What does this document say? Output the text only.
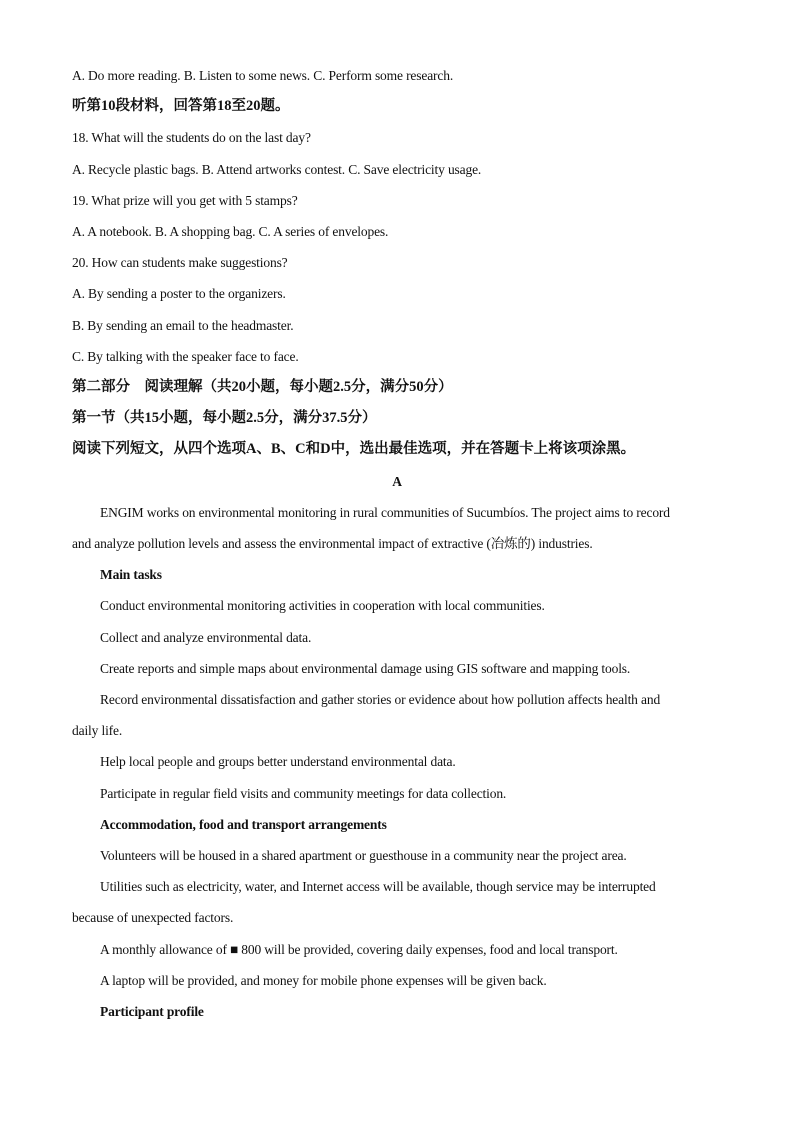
A. Do more reading. B. Listen to some news. C. Perform some research.
听第10段材料，回答第18至20题。
18. What will the students do on the last day?
A. Recycle plastic bags. B. Attend artworks contest. C. Save electricity usage.
19. What prize will you get with 5 stamps?
A. A notebook. B. A shopping bag. C. A series of envelopes.
20. How can students make suggestions?
A. By sending a poster to the organizers.
B. By sending an email to the headmaster.
C. By talking with the speaker face to face.
第二部分　阅读理解（共20小题，每小题2.5分，满分50分）
第一节（共15小题，每小题2.5分，满分37.5分）
阅读下列短文，从四个选项A、B、C和D中，选出最佳选项，并在答题卡上将该项涂黑。
A
ENGIM works on environmental monitoring in rural communities of Sucumbíos. The project aims to record
and analyze pollution levels and assess the environmental impact of extractive (冶炼的) industries.
Main tasks
Conduct environmental monitoring activities in cooperation with local communities.
Collect and analyze environmental data.
Create reports and simple maps about environmental damage using GIS software and mapping tools.
Record environmental dissatisfaction and gather stories or evidence about how pollution affects health and
daily life.
Help local people and groups better understand environmental data.
Participate in regular field visits and community meetings for data collection.
Accommodation, food and transport arrangements
Volunteers will be housed in a shared apartment or guesthouse in a community near the project area.
Utilities such as electricity, water, and Internet access will be available, though service may be interrupted
because of unexpected factors.
A monthly allowance of ■ 800 will be provided, covering daily expenses, food and local transport.
A laptop will be provided, and money for mobile phone expenses will be given back.
Participant profile
